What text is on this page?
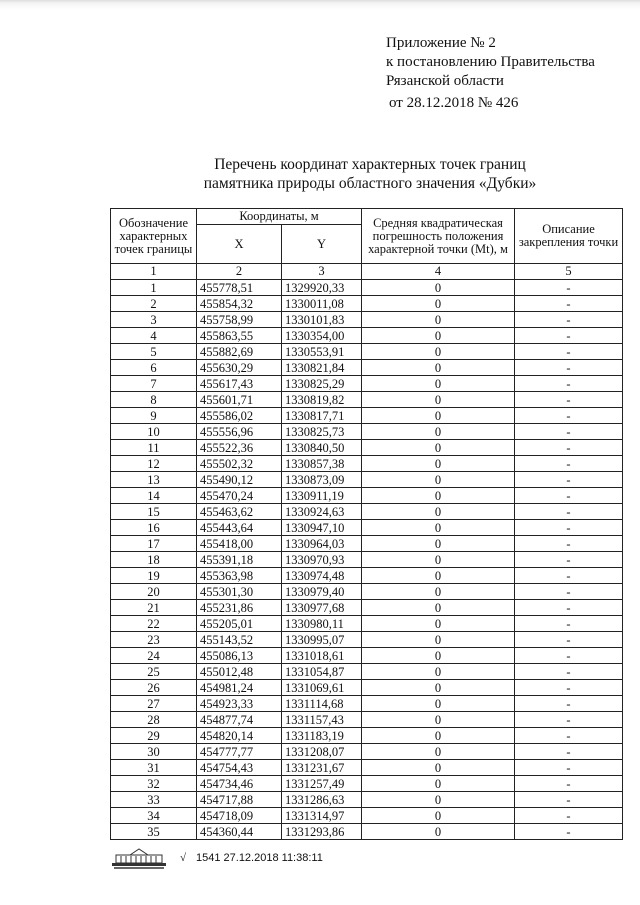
Приложение № 2
к постановлению Правительства
Рязанской области
от 28.12.2018 № 426
Перечень координат характерных точек границ
памятника природы областного значения «Дубки»
Обозначение характерных точек границы	Координаты, м		Средняя квадратическая погрешность положения характерной точки (Mt), м	Описание закрепления точки
	X	Y		
1	2	3	4	5
1	455778,51	1329920,33	0	-
2	455854,32	1330011,08	0	-
3	455758,99	1330101,83	0	-
4	455863,55	1330354,00	0	-
5	455882,69	1330553,91	0	-
6	455630,29	1330821,84	0	-
7	455617,43	1330825,29	0	-
8	455601,71	1330819,82	0	-
9	455586,02	1330817,71	0	-
10	455556,96	1330825,73	0	-
11	455522,36	1330840,50	0	-
12	455502,32	1330857,38	0	-
13	455490,12	1330873,09	0	-
14	455470,24	1330911,19	0	-
15	455463,62	1330924,63	0	-
16	455443,64	1330947,10	0	-
17	455418,00	1330964,03	0	-
18	455391,18	1330970,93	0	-
19	455363,98	1330974,48	0	-
20	455301,30	1330979,40	0	-
21	455231,86	1330977,68	0	-
22	455205,01	1330980,11	0	-
23	455143,52	1330995,07	0	-
24	455086,13	1331018,61	0	-
25	455012,48	1331054,87	0	-
26	454981,24	1331069,61	0	-
27	454923,33	1331114,68	0	-
28	454877,74	1331157,43	0	-
29	454820,14	1331183,19	0	-
30	454777,77	1331208,07	0	-
31	454754,43	1331231,67	0	-
32	454734,46	1331257,49	0	-
33	454717,88	1331286,63	0	-
34	454718,09	1331314,97	0	-
35	454360,44	1331293,86	0	-
√ 1541 27.12.2018 11:38:11
